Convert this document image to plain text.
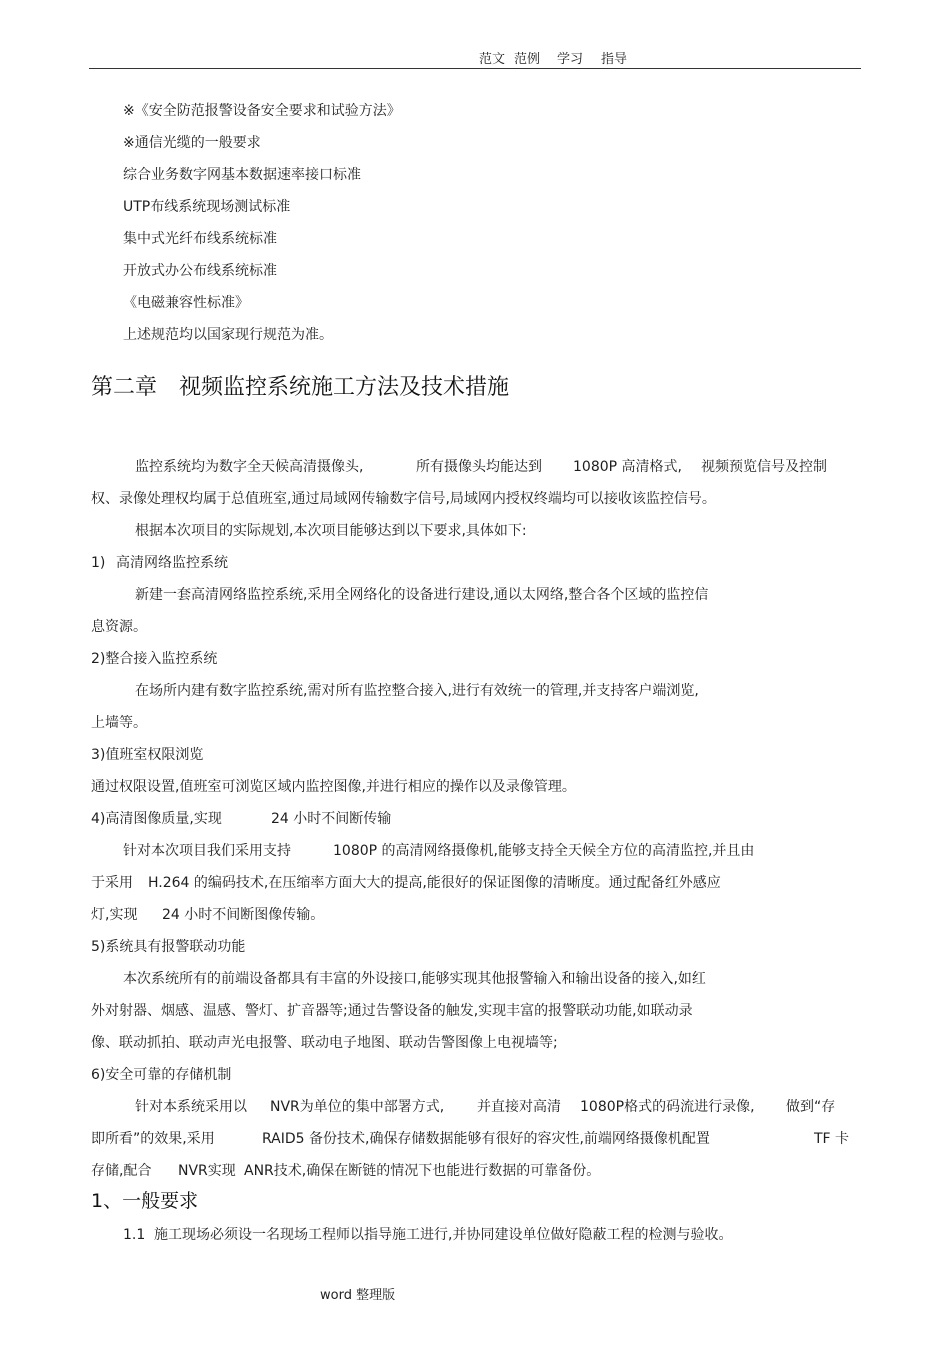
范文 范例 学习 指导
※《安全防范报警设备安全要求和试验方法》
※通信光缆的一般要求
综合业务数字网基本数据速率接口标准
UTP布线系统现场测试标准
集中式光纤布线系统标准
开放式办公布线系统标准
《电磁兼容性标准》
上述规范均以国家现行规范为准。
第二章 视频监控系统施工方法及技术措施
监控系统均为数字全天候高清摄像头,	所有摄像头均能达到 1080P 高清格式, 视频预览信号及控制
权、录像处理权均属于总值班室,通过局域网传输数字信号,局域网内授权终端均可以接收该监控信号。
根据本次项目的实际规划,本次项目能够达到以下要求,具体如下:
1) 高清网络监控系统
新建一套高清网络监控系统,采用全网络化的设备进行建设,通以太网络,整合各个区域的监控信
息资源。
2)整合接入监控系统
在场所内建有数字监控系统,需对所有监控整合接入,进行有效统一的管理,并支持客户端浏览,
上墙等。
3)值班室权限浏览
通过权限设置,值班室可浏览区域内监控图像,并进行相应的操作以及录像管理。
4)高清图像质量,实现	24 小时不间断传输
针对本次项目我们采用支持	1080P 的高清网络摄像机,能够支持全天候全方位的高清监控,并且由
于采用 H.264 的编码技术,在压缩率方面大大的提高,能很好的保证图像的清晰度。通过配备红外感应
灯,实现 24 小时不间断图像传输。
5)系统具有报警联动功能
本次系统所有的前端设备都具有丰富的外设接口,能够实现其他报警输入和输出设备的接入,如红
外对射器、烟感、温感、警灯、扩音器等;通过告警设备的触发,实现丰富的报警联动功能,如联动录
像、联动抓拍、联动声光电报警、联动电子地图、联动告警图像上电视墙等;
6)安全可靠的存储机制
针对本系统采用以 NVR为单位的集中部署方式, 并直接对高清 1080P格式的码流进行录像, 做到“存
即所看”的效果,采用	RAID5 备份技术,确保存储数据能够有很好的容灾性,前端网络摄像机配置	TF 卡
存储,配合 NVR实现 ANR技术,确保在断链的情况下也能进行数据的可靠备份。
1、一般要求
1.1 施工现场必须设一名现场工程师以指导施工进行,并协同建设单位做好隐蔽工程的检测与验收。
word 整理版
